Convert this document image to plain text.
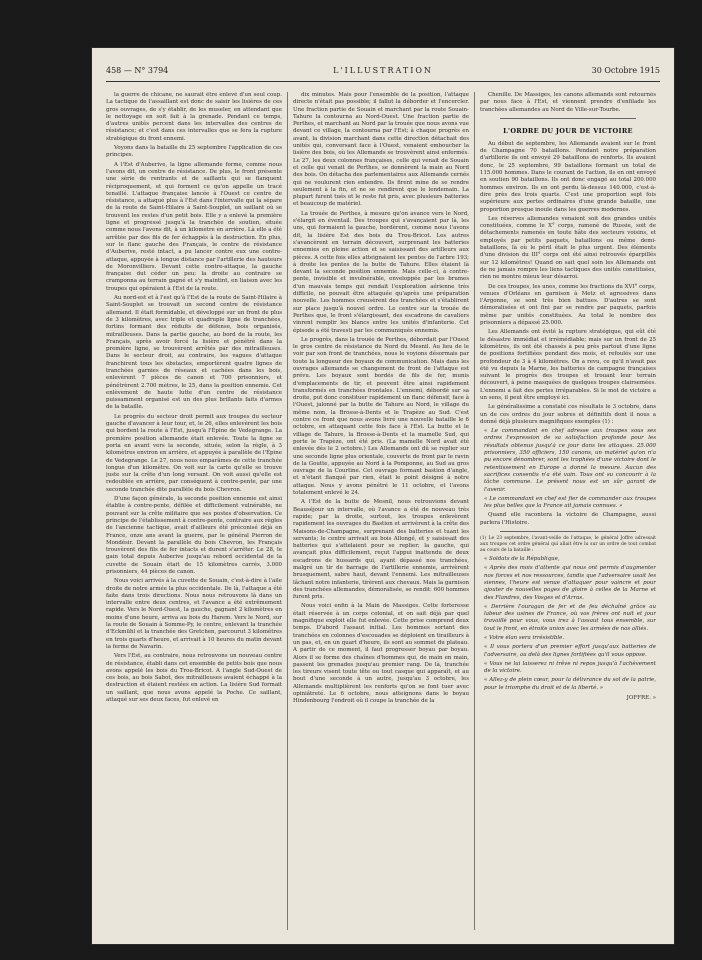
458 — N° 3794	L'ILLUSTRATION	30 Octobre 1915

la guerre de chicane, ne saurait être enlevé d'un seul coup. La tactique de l'assaillant est donc de saisir les lisières de ces gros ouvrages, de s'y établir, de les museler, en attendant que le nettoyage en soit fait à la grenade. Pendant ce temps, d'autres unités percent dans les intervalles des centres de résistance; et c'est dans ces intervalles que se fera la rupture stratégique du front ennemi.

Voyons dans la bataille du 25 septembre l'application de ces principes.

A l'Est d'Auberive, la ligne allemande forme, comme nous l'avons dit, un centre de résistance. De plus, le front présente une série de rentrants et de saillants qui se flanquent réciproquement, et qui forment ce qu'on appelle un tracé tenaillé. L'attaque française lancée à l'Ouest ce centre de résistance, a attaqué plus à l'Est dans l'intervalle qui la sépare de la route de Saint-Hilaire à Saint-Souplet, un saillant où se trouvent les restes d'un petit bois. Elle y a enlevé la première ligne et progressé jusqu'à la tranchée de soutien, située comme nous l'avons dit, à un kilomètre en arrière. Là elle a été arrêtée par des fils de fer échappés à la destruction. En plus, sur le flanc gauche des Français, le centre de résistance d'Auberive, resté intact, a pu lancer contre eux une contre-attaque, appuyée à longue distance par l'artillerie des hauteurs de Moronvilliers. Devant cette contre-attaque, la gauche française dut céder un peu; la droite au contraire se cramponna au terrain gagné et s'y maintint, en liaison avec les troupes qui opéraient à l'Est de la route.

Au nord-est et à l'est qu'à l'Est de la route de Saint-Hilaire à Saint-Souplet se trouvait un second centre de résistance allemand. Il était formidable, et développé sur un front de plus de 3 kilomètres, avec triple et quadruple ligne de tranchées, fortins formant des réduits de défense, bois organisés, mitrailleuses. Dans la partie gauche, au bord de la route, les Français, après avoir forcé la lisière et pénétré dans la première ligne, se trouvèrent arrêtés par des mitrailleuses. Dans le secteur droit, au contraire, les vagues d'attaque franchirent tous les obstacles, emportèrent quatre lignes de tranchées garnies de réseaux et cachées dans les bois, enlevèrent 7 pièces de canon et 700 prisonniers, et pénétrèrent 2.700 mètres, le 25, dans la position ennemie. Cet enlèvement de haute lutte d'un centre de résistance puissamment organisé est un des plus brillants faits d'armes de la bataille.

Le progrès du secteur droit permit aux troupes du secteur gauche d'avancer à leur tour, et, le 26, elles enlevèrent les bois qui bordent la route à l'Est, jusqu'à l'Épine de Vedegrange. La première position allemande était enlevée. Toute la ligne se porta en avant vers la seconde, située, selon la règle, à 3 kilomètres environ en arrière, et appuyée à parallèle de l'Épine de Vedegrange. Le 27, nous nous emparâmes de cette tranchée longue d'un kilomètre. On voit sur la carte qu'elle se trouve juste sur la crête d'un long versant. On voit aussi qu'elle est redoublée en arrière, par conséquent à contre-pente, par une seconde tranchée dite parallèle du bois Chevron.

D'une façon générale, la seconde position ennemie est ainsi établie à contre-pente, défilée et difficilement vulnérable, ne pouvant sur la crête militaire que ses postes d'observation. Ce principe de l'établissement à contre-pente, contraire aux règles de l'ancienne tactique, avait d'ailleurs été préconisé déjà en France, onze ans avant la guerre, par le général Pierron de Mondésir. Devant la parallèle du bois Chevron, les Français trouvèrent des fils de fer intacts et durent s'arrêter. Le 28, le gain total depuis Auberive jusqu'au rebord occidental de la cuvette de Souain était de 15 kilomètres carrés, 3.000 prisonniers, 44 pièces de canon.

Nous voici arrivés à la cuvette de Souain, c'est-à-dire à l'aile droite de notre armée la plus occidentale. De là, l'attaque a été faite dans trois directions. Nous nous retrouvons là dans un intervalle entre deux centres, et l'avance a été extrêmement rapide. Vers le Nord-Ouest, la gauche, gagnant 2 kilomètres en moins d'une heure, arriva au bois du Harem. Vers le Nord, sur la route de Souain à Somme-Py, le centre, enlevant la tranchée d'Eckmühl et la tranchée des Gretchen, parcourut 3 kilomètres en trois quarts d'heure, et arrivait à 10 heures du matin devant la ferme de Navarin.

Vers l'Est, au contraire, nous retrouvons un nouveau centre de résistance, établi dans cet ensemble de petits bois que nous avons appelé les bois du Trou-Bricot. A l'angle Sud-Ouest de ces bois, au bois Sabot, des mitrailleuses avaient échappé à la destruction et étaient restées en action. La lisière Sud formait un saillant, que nous avons appelé la Poche. Ce saillant, attaqué sur ses deux faces, fut enlevé en

dix minutes. Mais pour l'ensemble de la position, l'attaque directe n'était pas possible; il fallut la déborder et l'encercler. Une fraction partie de Souain et marchant par la route Souain-Tahure la contourna au Nord-Ouest. Une fraction partie de Perthes, et marchant au Nord par la trouée que nous avons vue devant ce village, la contourna par l'Est; à chaque progrès en avant, la division marchant dans cette direction détachait des unités qui, conversant face à l'Ouest, venaient emboucher la lisière des bois, où les Allemands se trouvèrent ainsi enfermés. Le 27, les deux colonnes françaises, celle qui venait de Souain et celle qui venait de Perthes, se donnèrent la main au Nord des bois. On détacha des parlementaires aux Allemands cernés qui ne voulurent rien entendre. Ils firent mine de se rendre seulement à la fin, et ne se rendirent que le lendemain. La plupart furent tués et le reste fut pris, avec plusieurs batteries et beaucoup de matériel.

La trouée de Perthes, à mesure qu'on avance vers le Nord, s'élargit en éventail. Des troupes qui s'avançaient par là, les uns, qui formaient la gauche, bordèrent, comme nous l'avons dit, la lisière Est des bois du Trou-Bricot. Les autres s'avancèrent en terrain découvert, surprenant les batteries ennemies en pleine action et se saisissant des artilleurs aux pièces. A cette fois elles atteignaient les pentes de l'arbre 193; à droite les pentes de la butte de Tahure. Elles étaient là devant la seconde position ennemie. Mais celle-ci, à contre-pente, invisible et invulnérable, enveloppée par les brumes d'un mauvais temps qui rendait l'exploration aérienne très difficile, ne pouvait être attaquée qu'après une préparation nouvelle. Les hommes creusèrent des tranchées et s'établirent sur place jusqu'à nouvel ordre. Le centre sur la trouée de Perthes que, le front s'élargissant, des escadrons de cavaliers vinrent remplir les blancs entre les unités d'infanterie. Cet épisode a été travesti par les communiqués ennemis.

Le progrès, dans la trouée de Perthes, débordait par l'Ouest le gros centre de résistance du Nord du Mesnil. Au lieu de le voir par son front de tranchées, nous le voyions désormais par toute la longueur des boyaux de communication. Mais dans les ouvrages allemands se changement de front de l'attaque est prévu. Les boyaux sont bordés de fils de fer, munis d'emplacements de tir, et peuvent être ainsi rapidement transformés en tranchées frontales. L'ennemi, débordé sur sa droite, put donc constituer rapidement un flanc défensif, face à l'Ouest, jalonné par la butte de Tahure au Nord, le village du même nom, la Brosse-à-Dents et le Trapèze au Sud. C'est contre ce front que nous avons livré une nouvelle bataille le 6 octobre, en attaquant cette fois face à l'Est. La butte et le village de Tahure, la Brosse-à-Dents et la mamelle Sud, qui porte le Trapèze, ont été pris. (La mamelle Nord avait été enlevée dès le 2 octobre.) Les Allemands ont dû se replier sur une seconde ligne plus orientale, couverte de front par le ravin de la Goutte, appuyée au Nord à la Pomponne, au Sud au gros ouvrage de la Courtine. Cet ouvrage formant bastion d'angle, et n'étant flanqué par rien, était le point désigné à notre attaque. Nous y avons pénétré le 11 octobre, et l'avons totalement enlevé le 24.

A l'Est de la butte de Mesnil, nous retrouvions devant Beauséjour un intervalle, où l'avance a été de nouveau très rapide; par la droite, surtout, les troupes enlevèrent rapidement les ouvrages du Bastion et arrivèrent à la crête des Maisons-de-Champagne, surprenant des batteries et tuant les servants; le centre arrivait au bois Allongé, et y saisissait des batteries qui s'attelaient pour se replier; la gauche, qui avançait plus difficilement, reçut l'appui inattendu de deux escadrons de hussards qui, ayant dépassé nos tranchées, malgré un tir de barrage de l'artillerie ennemie, arrivèrent brusquement, sabre haut, devant l'ennemi. Les mitrailleuses lâchant notre infanterie, tirèrent aux chevaux. Mais la garnison des tranchées allemandes, démoralisée, se rendit: 600 hommes furent pris.

Nous voici enfin à la Main de Massiges. Cette forteresse était réservée à un corps colonial, et on sait déjà par quel magnifique exploit elle fut enlevée. Cette prise comprend deux temps. D'abord l'assaut initial. Les hommes sortant des tranchées en colonnes d'escouades se déploient en tirailleurs à un pas, et, en un quart d'heure, ils sont au sommet du plateau. A partir de ce moment, il faut progresser boyau par boyau. Alors il se forme des chaînes d'hommes qui, de main en main, passent les grenades jusqu'au premier rang. De là, tranchée les tireurs visent toute tête ou tout casque qui apparaît, et au bout d'une seconde à un autre, jusqu'au 3 octobre, les Allemands multiplièrent les renforts qu'on se font tuer avec opiniâtreté. Le 6 octobre, nous atteignons dans le boyau Hindenbourg l'endroit où il coupe la tranchée de la

Chenille. De Massiges, les canons allemands sont retournés par nous face à l'Est, et viennent prendre d'enfilade les tranchées allemandes au Nord de Ville-sur-Tourbe.

L'ORDRE DU JOUR DE VICTOIRE

Au début de septembre, les Allemands avaient sur le front de Champagne 70 bataillons. Pendant notre préparation d'artillerie ils ont envoyé 29 bataillons de renforts. Ils avaient donc, le 25 septembre, 99 bataillons formant un total de 115.000 hommes. Dans le courant de l'action, ils en ont envoyé en soutien 90 bataillons. Ils ont donc engagé au total 200.000 hommes environ. Ils en ont perdu là-dessus 140.000, c'est-à-dire près des trois quarts. C'est une proportion sept fois supérieure aux pertes ordinaires d'une grande bataille, une proportion presque inouïe dans les guerres modernes.

Les réserves allemandes venaient soit des grandes unités constituées, comme le X° corps, ramené de Russie, soit de détachements ramenés en toute hâte des secteurs voisins, et employés par petits paquets, bataillons ou même demi-bataillons, là où le péril était le plus urgent. Des éléments d'une division du III° corps ont été ainsi retrouvés éparpillés sur 12 kilomètres! Quand on sait quel soin les Allemands ont de ne jamais rompre les liens tactiques des unités constituées, rien ne montre mieux leur désarroi.

De ces troupes, les unes, comme les fractions du XVI° corps, venues d'Orléans en garnison à Metz et agressives dans l'Argonne, se sont très bien battues. D'autres se sont démoralisées et ont fini par se rendre par paquets, parfois même par unités constituées. Au total le nombre des prisonniers a dépassé 25.000.

Les Allemands ont évité la rupture stratégique, qui eût été le désastre immédiat et irrémédiable; mais sur un front de 25 kilomètres, ils ont été chassés à peu près partout d'une ligne de positions fortifiées pendant des mois, et refoulés sur une profondeur de 3 à 4 kilomètres. On a revu, ce qu'il n'avait pas été vu depuis la Marne, les batteries de campagne françaises suivant le progrès des troupes et trouant leur terrain découvert, à peine masquées de quelques troupes clairsemées. L'ennemi a fait des pertes irréparables. Si le mot de victoire a un sens, il peut être employé ici.

Le généralissime a constaté ces résultats le 3 octobre, dans un de ces ordres du jour sobres et définitifs dont il nous a donné déjà plusieurs magnifiques exemples (1) :

« Le commandant en chef adresse aux troupes sous ses ordres l'expression de sa satisfaction profonde pour les résultats obtenus jusqu'à ce jour dans les attaques. 25.000 prisonniers, 350 officiers, 150 canons, un matériel qu'on n'a pu encore dénombrer, sont les trophées d'une victoire dont le retentissement en Europe a donné la mesure. Aucun des sacrifices consentis n'a été vain. Tous ont su concourir à la tâche commune. Le présent nous est un sûr garant de l'avenir.

« Le commandant en chef est fier de commander aux troupes les plus belles que la France ait jamais connues. »

Quand elle racontera la victoire de Champagne, aussi parlera l'Histoire.

(1) Le 23 septembre, l'avant-veille de l'attaque, le général Joffre adressait aux troupes cet ordre général qui allait être lu sur un ordre de tout combat au cours de la bataille :

« Soldats de la République,

« Après des mois d'attente qui nous ont permis d'augmenter nos forces et nos ressources, tandis que l'adversaire usait les siennes, l'heure est venue d'attaquer pour vaincre et pour ajouter de nouvelles pages de gloire à celles de la Marne et des Flandres, des Vosges et d'Arras.

« Derrière l'ouragan de fer et de feu déchaîné grâce au labeur des usines de France, où vos frères ont nuit et jour travaillé pour vous, vous irez à l'assaut tous ensemble, sur tout le front, en étroite union avec les armées de nos alliés.

« Votre élan sera irrésistible.

« Il vous portera d'un premier effort jusqu'aux batteries de l'adversaire, au delà des lignes fortifiées qu'il vous oppose.

« Vous ne lui laisserez ni trêve ni repos jusqu'à l'achèvement de la victoire.

« Allez-y de plein cœur, pour la délivrance du sol de la patrie, pour le triomphe du droit et de la liberté. »

JOFFRE. »
